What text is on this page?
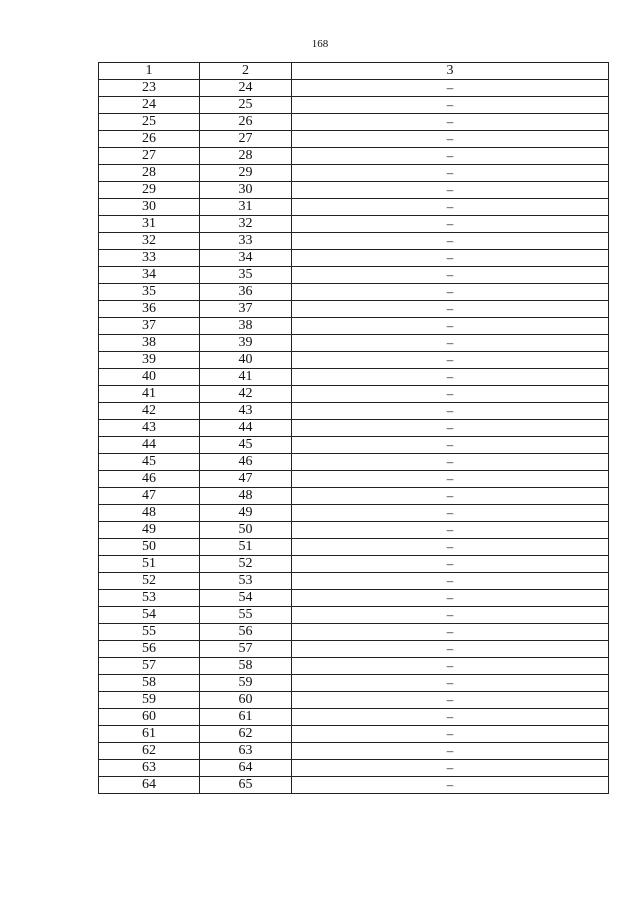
168
1	2	3
23	24	–
24	25	–
25	26	–
26	27	–
27	28	–
28	29	–
29	30	–
30	31	–
31	32	–
32	33	–
33	34	–
34	35	–
35	36	–
36	37	–
37	38	–
38	39	–
39	40	–
40	41	–
41	42	–
42	43	–
43	44	–
44	45	–
45	46	–
46	47	–
47	48	–
48	49	–
49	50	–
50	51	–
51	52	–
52	53	–
53	54	–
54	55	–
55	56	–
56	57	–
57	58	–
58	59	–
59	60	–
60	61	–
61	62	–
62	63	–
63	64	–
64	65	–
